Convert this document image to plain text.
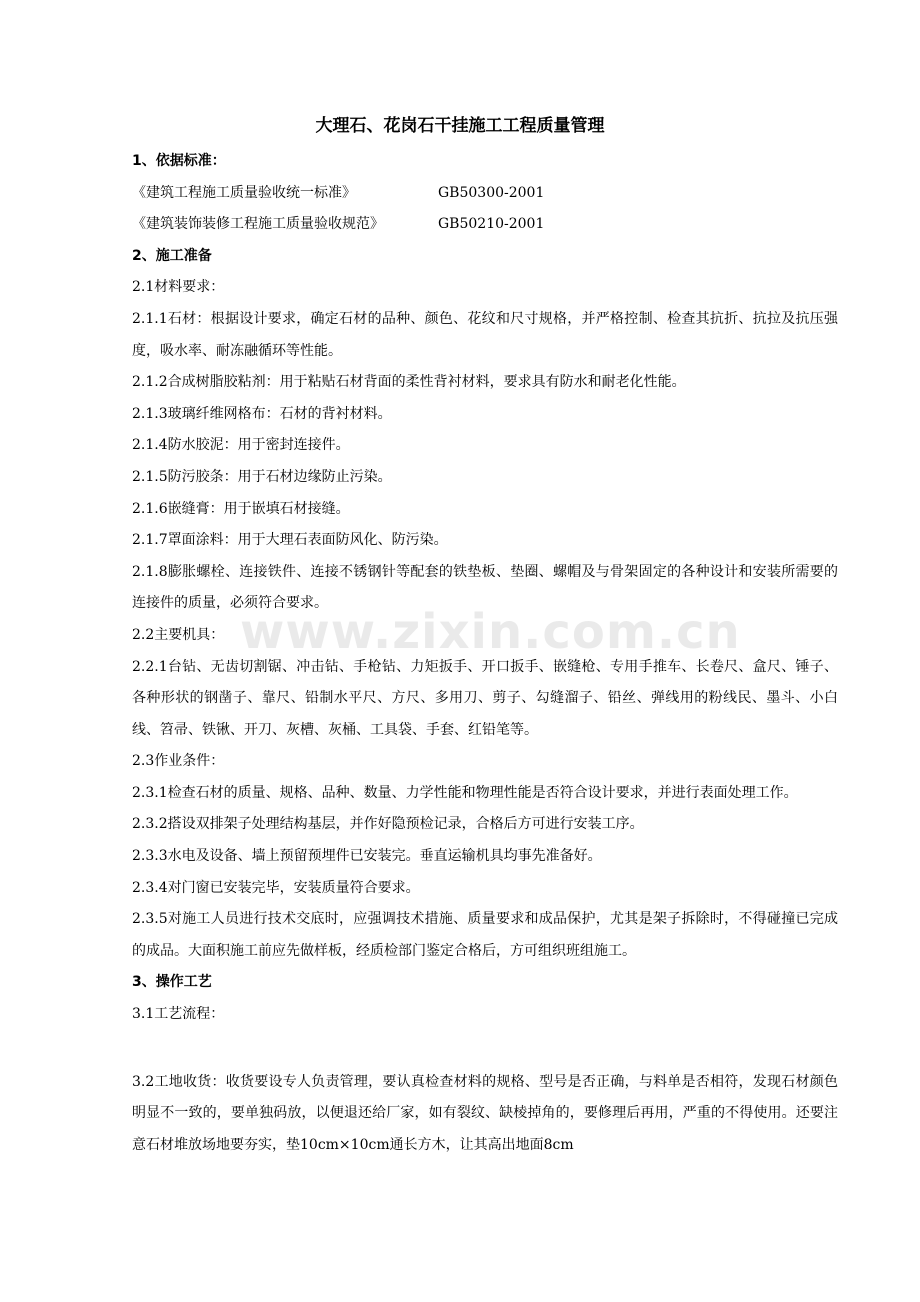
大理石、花岗石干挂施工工程质量管理
www.zixin.com.cn

1、依据标准：

《建筑工程施工质量验收统一标准》	GB50300-2001
《建筑装饰装修工程施工质量验收规范》	GB50210-2001

2、施工准备

2.1材料要求：

2.1.1石材：根据设计要求，确定石材的品种、颜色、花纹和尺寸规格，并严格控制、检查其抗折、抗拉及抗压强度，吸水率、耐冻融循环等性能。

2.1.2合成树脂胶粘剂：用于粘贴石材背面的柔性背衬材料，要求具有防水和耐老化性能。

2.1.3玻璃纤维网格布：石材的背衬材料。

2.1.4防水胶泥：用于密封连接件。

2.1.5防污胶条：用于石材边缘防止污染。

2.1.6嵌缝膏：用于嵌填石材接缝。

2.1.7罩面涂料：用于大理石表面防风化、防污染。

2.1.8膨胀螺栓、连接铁件、连接不锈钢针等配套的铁垫板、垫圈、螺帽及与骨架固定的各种设计和安装所需要的连接件的质量，必须符合要求。

2.2主要机具：

2.2.1台钻、无齿切割锯、冲击钻、手枪钻、力矩扳手、开口扳手、嵌缝枪、专用手推车、长卷尺、盒尺、锤子、各种形状的钢凿子、靠尺、铅制水平尺、方尺、多用刀、剪子、勾缝溜子、铅丝、弹线用的粉线民、墨斗、小白线、笤帚、铁锹、开刀、灰槽、灰桶、工具袋、手套、红铅笔等。

2.3作业条件：

2.3.1检查石材的质量、规格、品种、数量、力学性能和物理性能是否符合设计要求，并进行表面处理工作。

2.3.2搭设双排架子处理结构基层，并作好隐预检记录，合格后方可进行安装工序。

2.3.3水电及设备、墙上预留预埋件已安装完。垂直运输机具均事先准备好。

2.3.4对门窗已安装完毕，安装质量符合要求。

2.3.5对施工人员进行技术交底时，应强调技术措施、质量要求和成品保护，尤其是架子拆除时，不得碰撞已完成的成品。大面积施工前应先做样板，经质检部门鉴定合格后，方可组织班组施工。

3、操作工艺

3.1工艺流程：

3.2工地收货：收货要设专人负责管理，要认真检查材料的规格、型号是否正确，与料单是否相符，发现石材颜色明显不一致的，要单独码放，以便退还给厂家，如有裂纹、缺棱掉角的，要修理后再用，严重的不得使用。还要注意石材堆放场地要夯实，垫10cm×10cm通长方木，让其高出地面8cm
